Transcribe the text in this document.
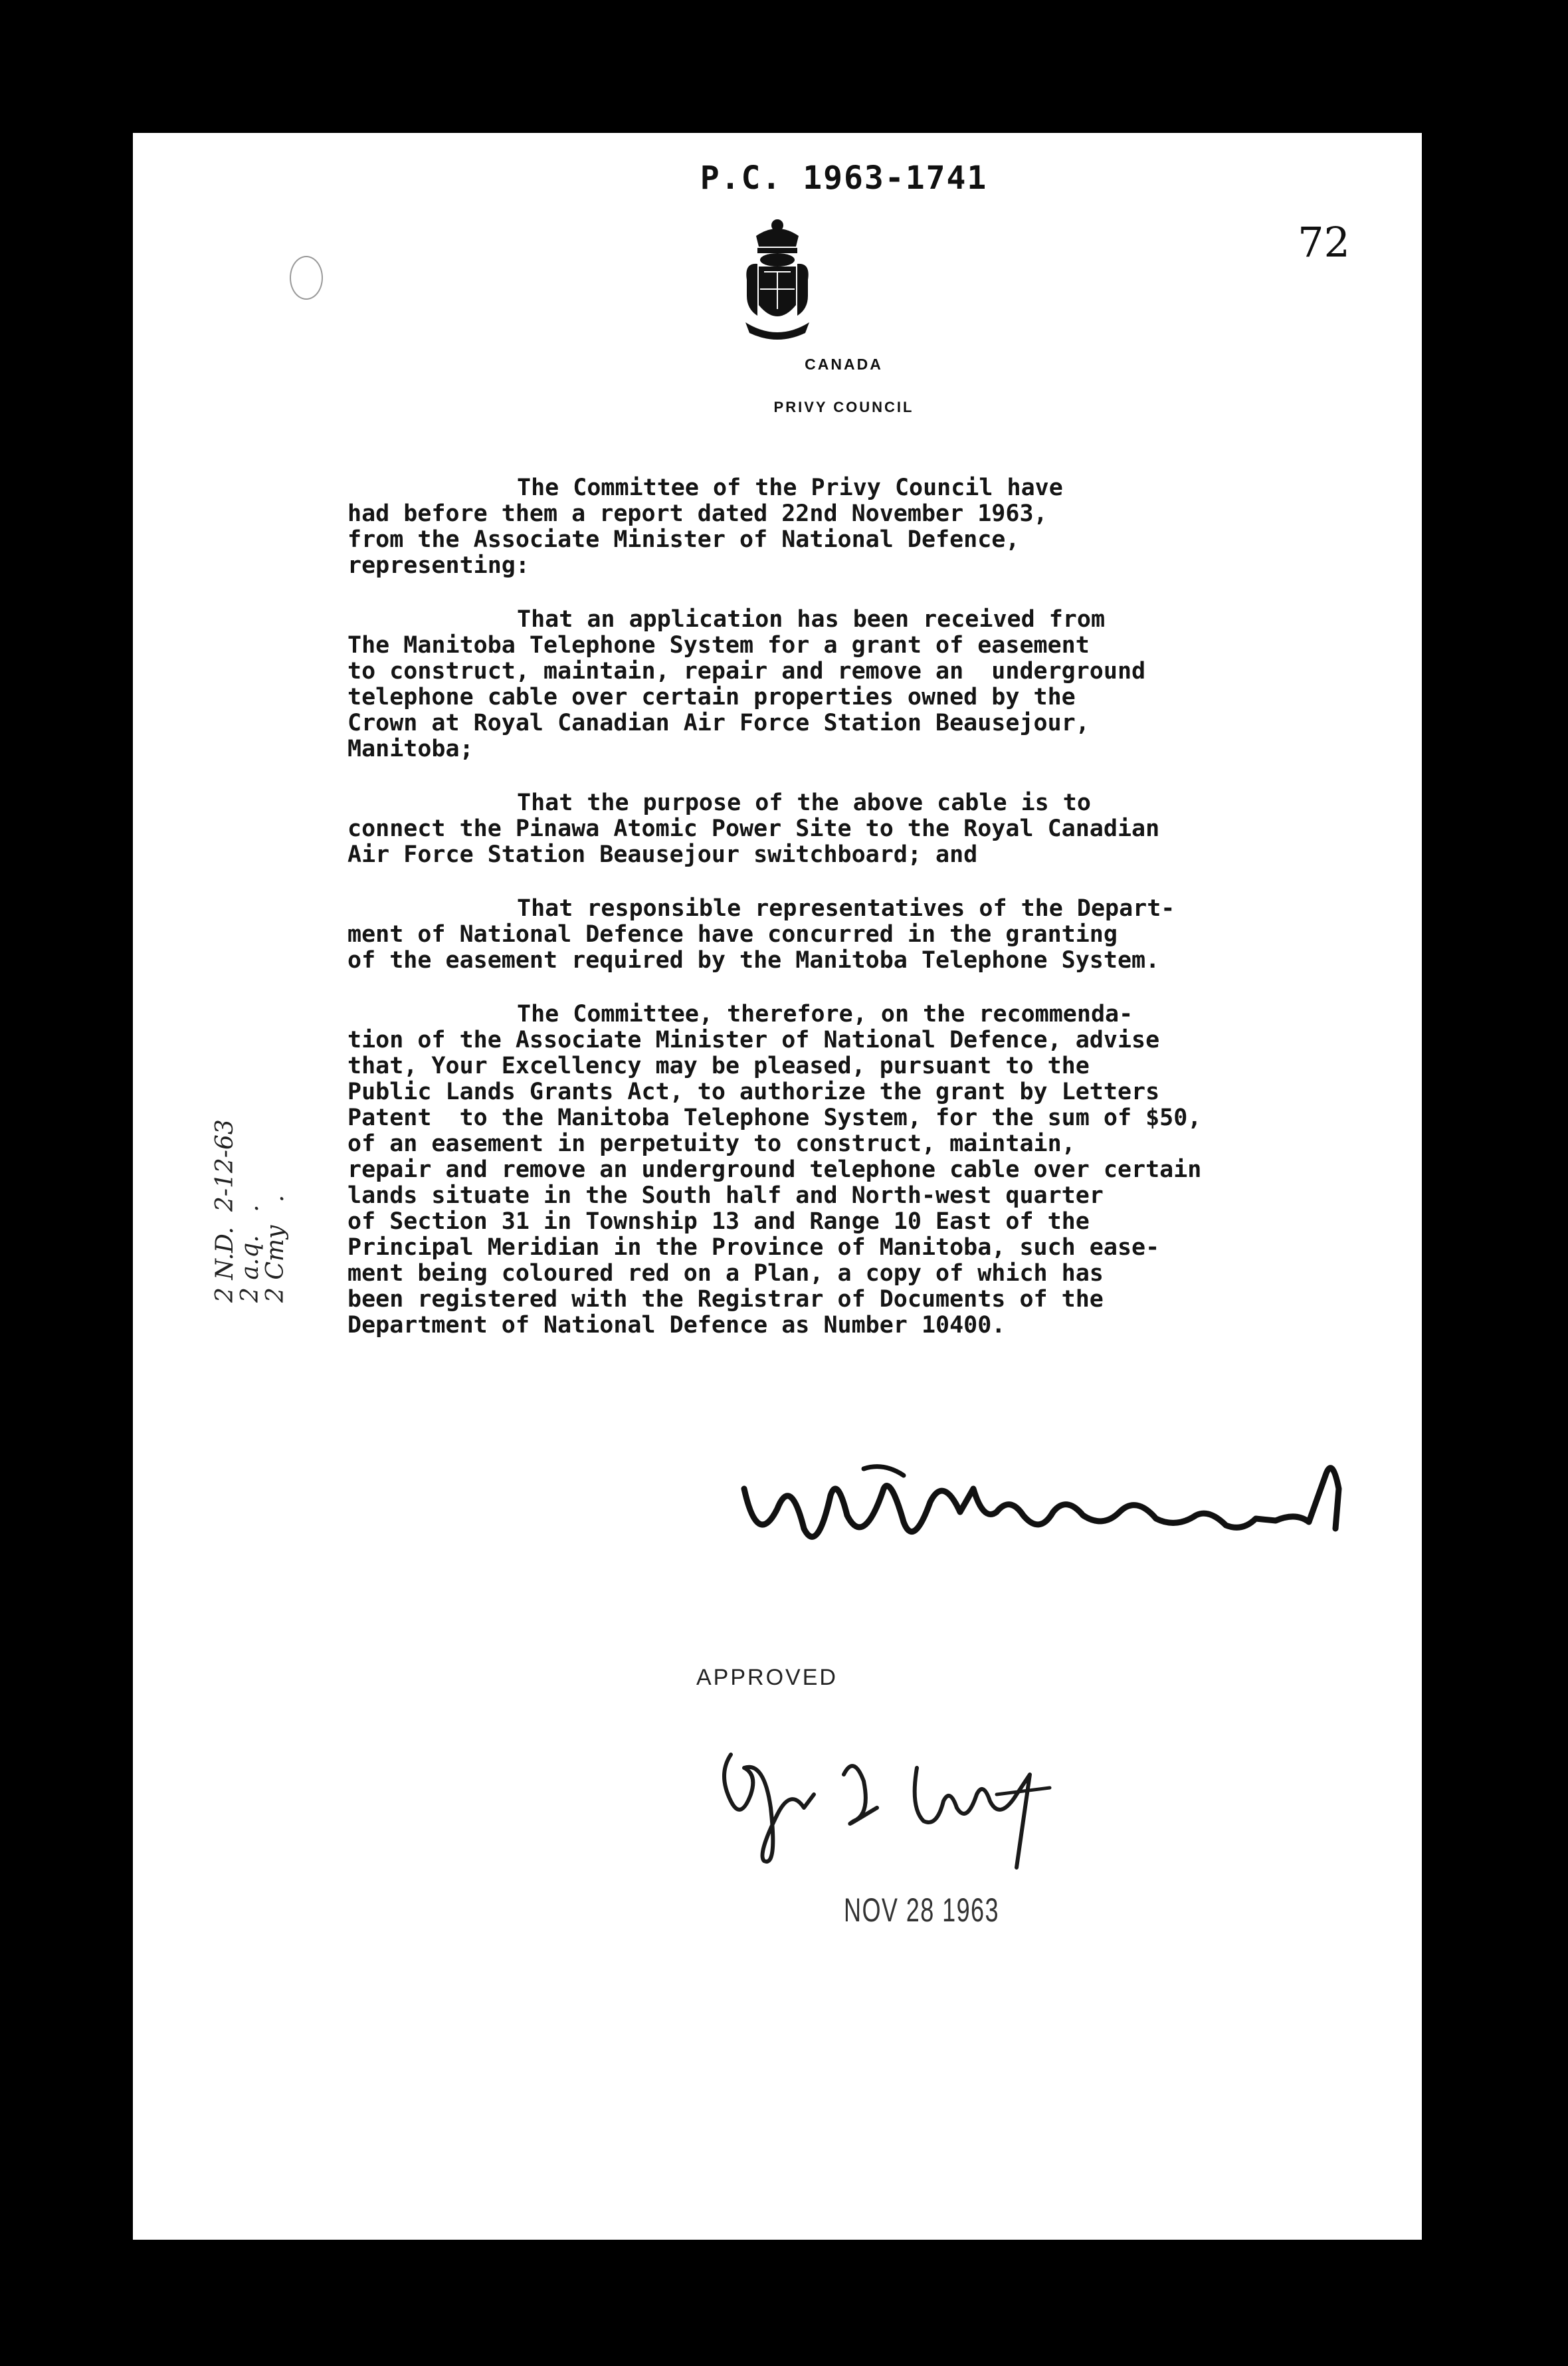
P.C. 1963-1741
72
CANADA
PRIVY COUNCIL
The Committee of the Privy Council have
had before them a report dated 22nd November 1963,
from the Associate Minister of National Defence,
representing:
That an application has been received from
The Manitoba Telephone System for a grant of easement
to construct, maintain, repair and remove an  underground
telephone cable over certain properties owned by the
Crown at Royal Canadian Air Force Station Beausejour,
Manitoba;
That the purpose of the above cable is to
connect the Pinawa Atomic Power Site to the Royal Canadian
Air Force Station Beausejour switchboard; and
That responsible representatives of the Depart-
ment of National Defence have concurred in the granting
of the easement required by the Manitoba Telephone System.
The Committee, therefore, on the recommenda-
tion of the Associate Minister of National Defence, advise
that, Your Excellency may be pleased, pursuant to the
Public Lands Grants Act, to authorize the grant by Letters
Patent  to the Manitoba Telephone System, for the sum of $50,
of an easement in perpetuity to construct, maintain,
repair and remove an underground telephone cable over certain
lands situate in the South half and North-west quarter
of Section 31 in Township 13 and Range 10 East of the
Principal Meridian in the Province of Manitoba, such ease-
ment being coloured red on a Plan, a copy of which has
been registered with the Registrar of Documents of the
Department of National Defence as Number 10400.
2 N.D.  2-12-63
2 a.q.   .
2 Cmy   .
APPROVED
NOV 28 1963
